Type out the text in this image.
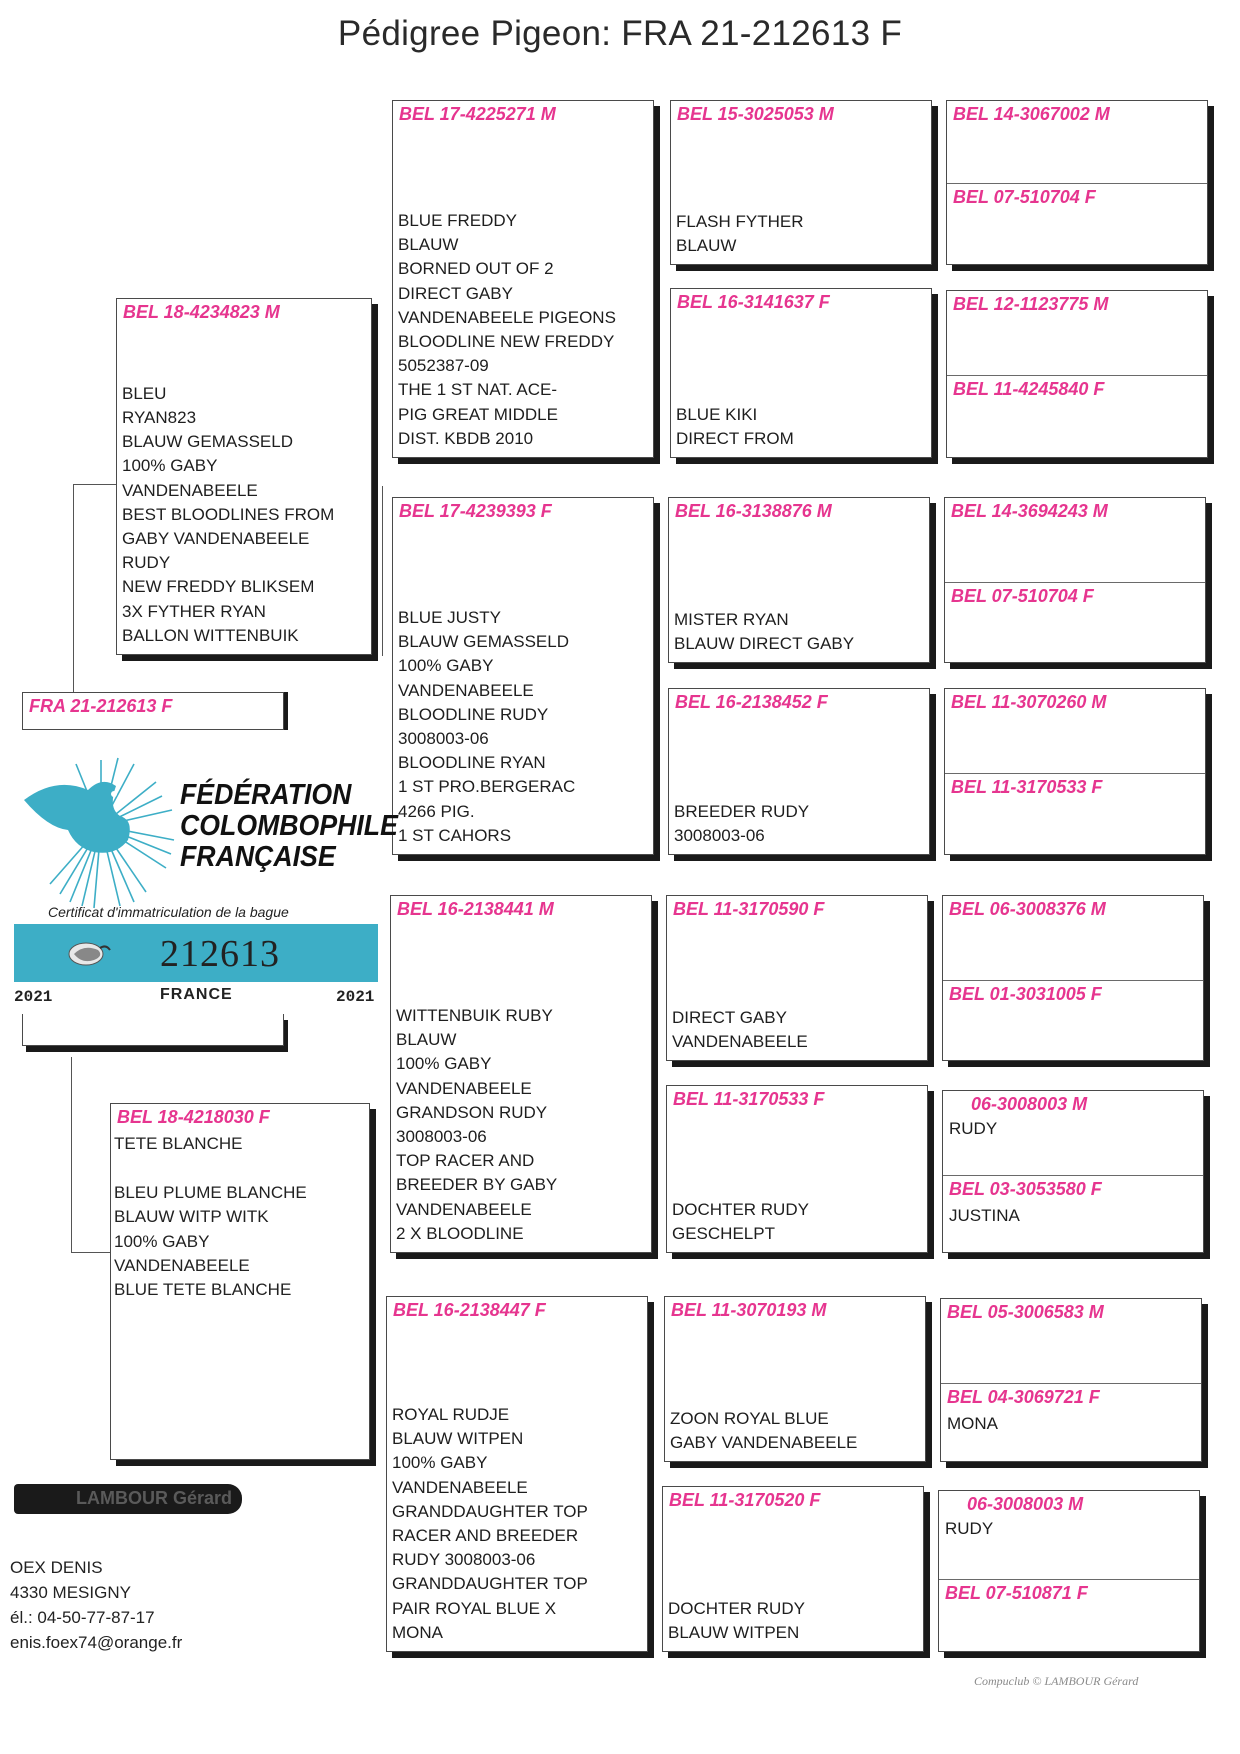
Pédigree Pigeon: FRA 21-212613 F
FRA 21-212613 F
BEL 18-4234823 M
BLEU
RYAN823
BLAUW GEMASSELD
100% GABY
VANDENABEELE
BEST BLOODLINES FROM
GABY VANDENABEELE
RUDY
NEW FREDDY BLIKSEM
3X FYTHER RYAN
BALLON WITTENBUIK
BEL 18-4218030 F
TETE BLANCHE
BLEU PLUME BLANCHE
BLAUW WITP WITK
100% GABY
VANDENABEELE
BLUE TETE BLANCHE
BEL 17-4225271 M
BLUE FREDDY
BLAUW
BORNED OUT OF 2
DIRECT GABY
VANDENABEELE PIGEONS
BLOODLINE NEW FREDDY
5052387-09
THE 1 ST NAT. ACE-
PIG GREAT MIDDLE
DIST. KBDB 2010
BEL 17-4239393 F
BLUE JUSTY
BLAUW GEMASSELD
100% GABY
VANDENABEELE
BLOODLINE RUDY
3008003-06
BLOODLINE RYAN
1 ST PRO.BERGERAC
4266 PIG.
1 ST CAHORS
BEL 16-2138441 M
WITTENBUIK RUBY
BLAUW
100% GABY
VANDENABEELE
GRANDSON RUDY
3008003-06
TOP RACER AND
BREEDER BY GABY
VANDENABEELE
2 X BLOODLINE
BEL 16-2138447 F
ROYAL RUDJE
BLAUW WITPEN
100% GABY
VANDENABEELE
GRANDDAUGHTER TOP
RACER AND BREEDER
RUDY 3008003-06
GRANDDAUGHTER TOP
PAIR ROYAL BLUE X
MONA
BEL 15-3025053 M
FLASH FYTHER
BLAUW
BEL 16-3141637 F
BLUE KIKI
DIRECT FROM
BEL 16-3138876 M
MISTER RYAN
BLAUW DIRECT GABY
BEL 16-2138452 F
BREEDER RUDY
3008003-06
BEL 11-3170590 F
DIRECT GABY
VANDENABEELE
BEL 11-3170533 F
DOCHTER RUDY
GESCHELPT
BEL 11-3070193 M
ZOON ROYAL BLUE
GABY VANDENABEELE
BEL 11-3170520 F
DOCHTER RUDY
BLAUW WITPEN
BEL 14-3067002 M
BEL 07-510704 F
BEL 12-1123775 M
BEL 11-4245840 F
BEL 14-3694243 M
BEL 07-510704 F
BEL 11-3070260 M
BEL 11-3170533 F
BEL 06-3008376 M
BEL 01-3031005 F
06-3008003 M
RUDY
BEL 03-3053580 F
JUSTINA
BEL 05-3006583 M
BEL 04-3069721 F
MONA
06-3008003 M
RUDY
BEL 07-510871 F
FÉDÉRATION
COLOMBOPHILE
FRANÇAISE
Certificat d'immatriculation de la bague
212613
2021	FRANCE	2021
LAMBOUR Gérard
OEX DENIS
4330 MESIGNY
él.: 04-50-77-87-17
enis.foex74@orange.fr
Compuclub © LAMBOUR Gérard
